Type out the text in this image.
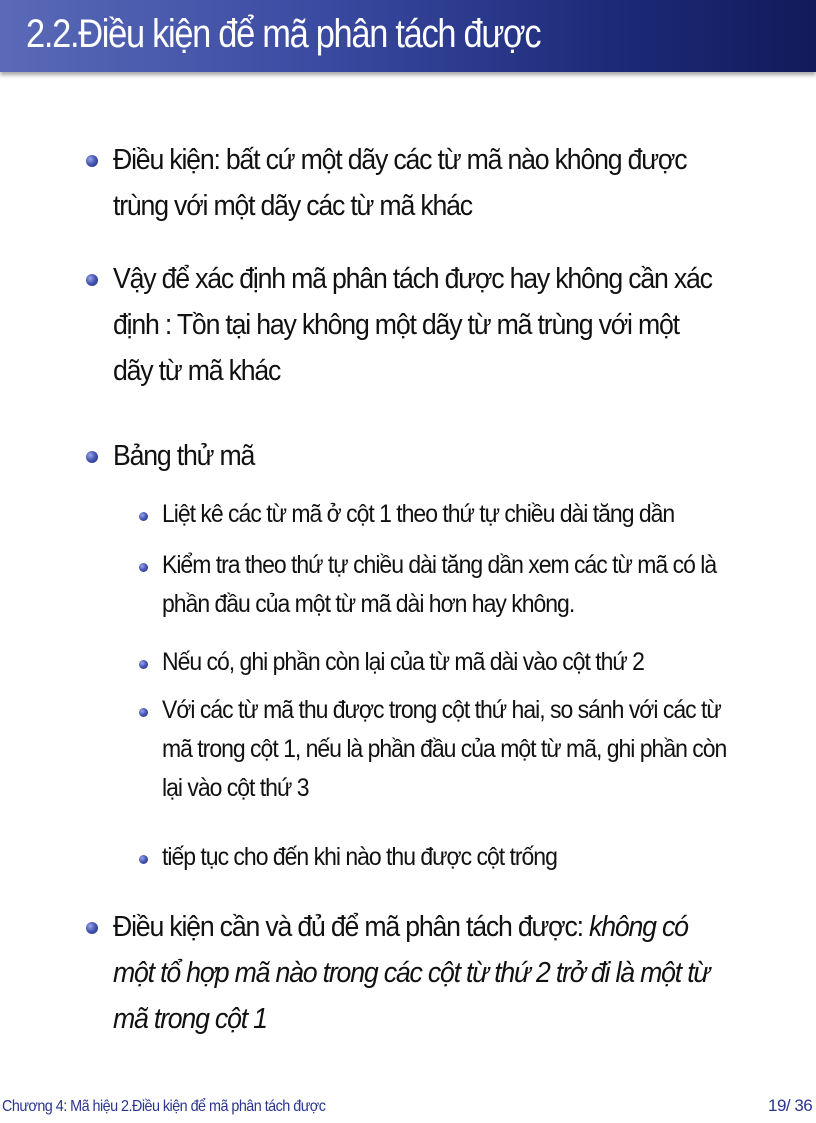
2.2.Điều kiện để mã phân tách được
Điều kiện: bất cứ một dãy các từ mã nào không được trùng với một dãy các từ mã khác
Vậy để xác định mã phân tách được hay không cần xác định : Tồn tại hay không một dãy từ mã trùng với một dãy từ mã khác
Bảng thử mã
Liệt kê các từ mã ở cột 1 theo thứ tự chiều dài tăng dần
Kiểm tra theo thứ tự chiều dài tăng dần xem các từ mã có là phần đầu của một từ mã dài hơn hay không.
Nếu có, ghi phần còn lại của từ mã dài vào cột thứ 2
Với các từ mã thu được trong cột thứ hai, so sánh với các từ mã trong cột 1, nếu là phần đầu của một từ mã, ghi phần còn lại vào cột thứ 3
tiếp tục cho đến khi nào thu được cột trống
Điều kiện cần và đủ để mã phân tách được: không có một tổ hợp mã nào trong các cột từ thứ 2 trở đi là một từ mã trong cột 1
Chương 4: Mã hiệu 2.Điều kiện để mã phân tách được	19/ 36
